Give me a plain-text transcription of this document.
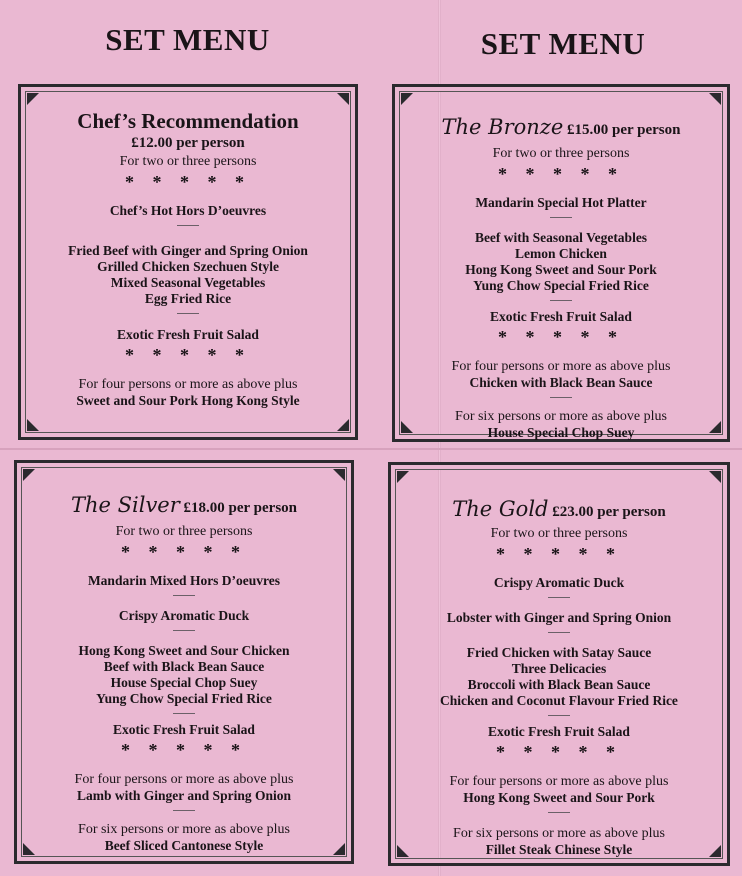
SET MENU	SET MENU

Chef’s Recommendation

£12.00 per person

For two or three persons

* * * * *

Chef’s Hot Hors D’oeuvres

Fried Beef with Ginger and Spring Onion

Grilled Chicken Szechuen Style

Mixed Seasonal Vegetables

Egg Fried Rice

Exotic Fresh Fruit Salad

* * * * *

For four persons or more as above plus

Sweet and Sour Pork Hong Kong Style

The Bronze £15.00 per person

For two or three persons

* * * * *

Mandarin Special Hot Platter

Beef with Seasonal Vegetables

Lemon Chicken

Hong Kong Sweet and Sour Pork

Yung Chow Special Fried Rice

Exotic Fresh Fruit Salad

* * * * *

For four persons or more as above plus

Chicken with Black Bean Sauce

For six persons or more as above plus

House Special Chop Suey

The Silver £18.00 per person

For two or three persons

* * * * *

Mandarin Mixed Hors D’oeuvres

Crispy Aromatic Duck

Hong Kong Sweet and Sour Chicken

Beef with Black Bean Sauce

House Special Chop Suey

Yung Chow Special Fried Rice

Exotic Fresh Fruit Salad

* * * * *

For four persons or more as above plus

Lamb with Ginger and Spring Onion

For six persons or more as above plus

Beef Sliced Cantonese Style

The Gold £23.00 per person

For two or three persons

* * * * *

Crispy Aromatic Duck

Lobster with Ginger and Spring Onion

Fried Chicken with Satay Sauce

Three Delicacies

Broccoli with Black Bean Sauce

Chicken and Coconut Flavour Fried Rice

Exotic Fresh Fruit Salad

* * * * *

For four persons or more as above plus

Hong Kong Sweet and Sour Pork

For six persons or more as above plus

Fillet Steak Chinese Style
